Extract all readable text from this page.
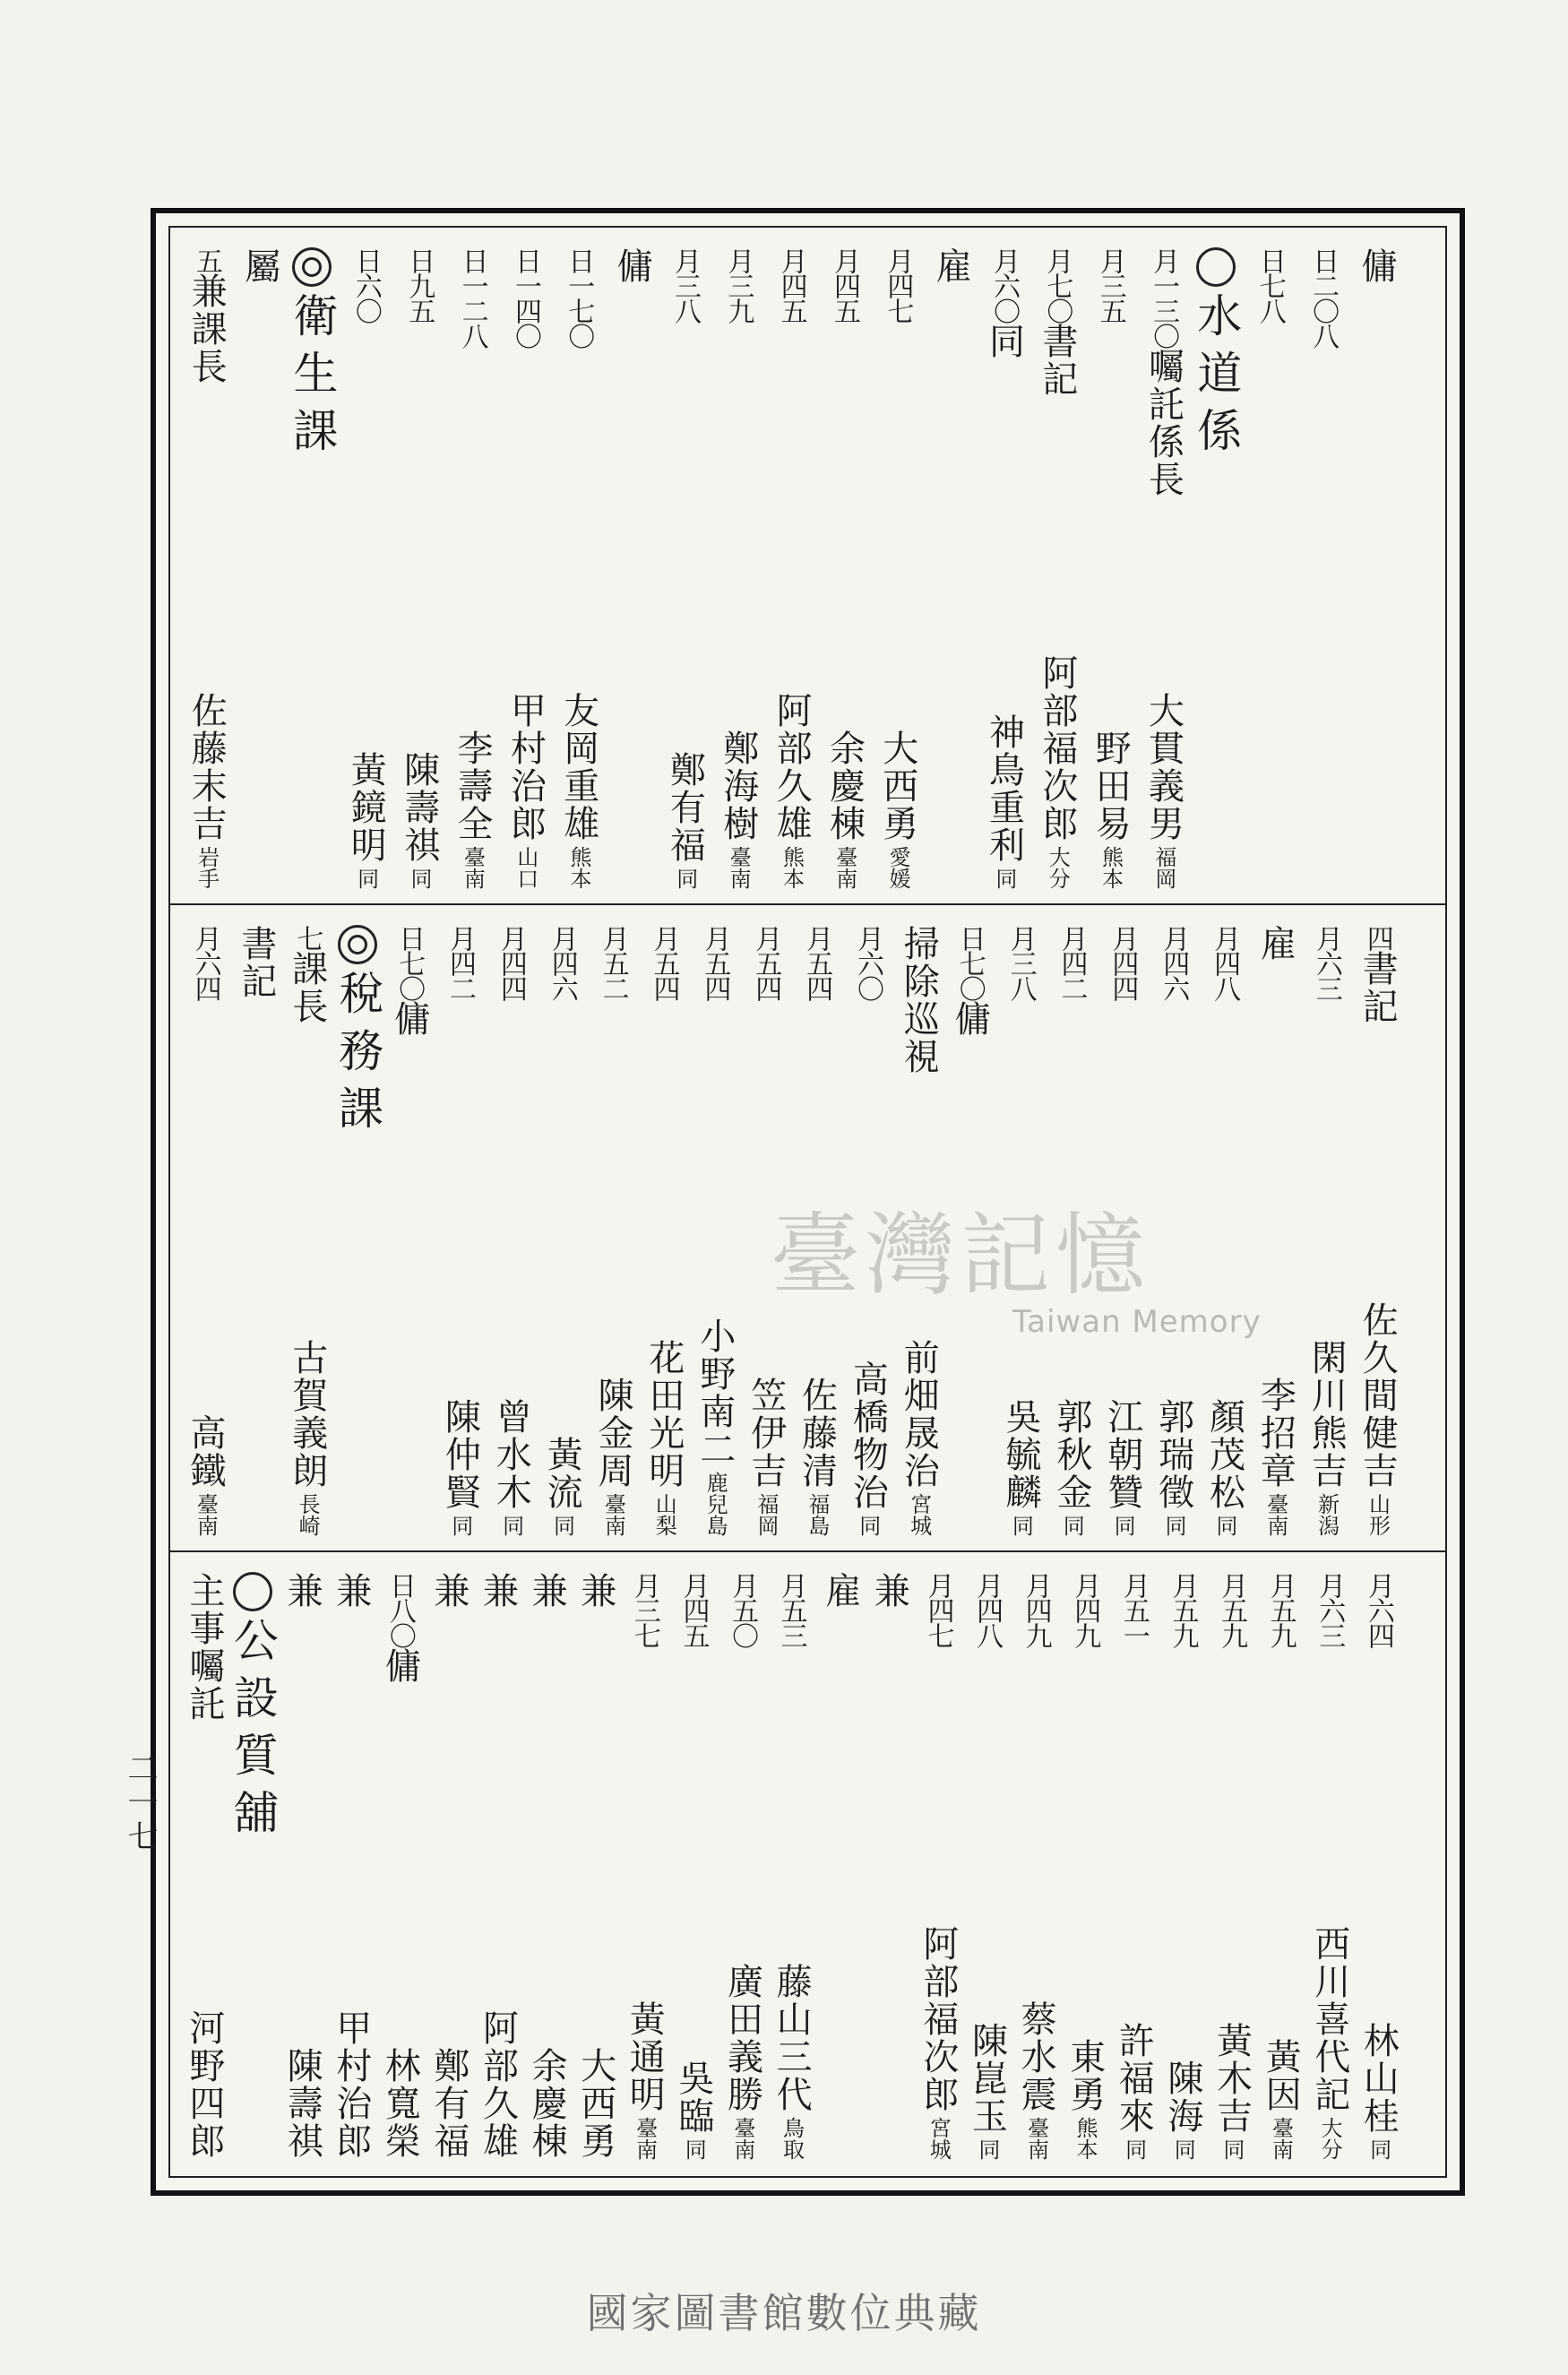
傭
日二〇八
日七八
水道係
月一三〇
囑託係長
大貫義男
福岡
月三五
野田易
熊本
月七〇
書記
阿部福次郎
大分
月六〇
同
神鳥重利
同
雇
月四七
大西勇
愛媛
月四五
余慶棟
臺南
月四五
阿部久雄
熊本
月三九
鄭海樹
臺南
月三八
鄭有福
同
傭
日一七〇
友岡重雄
熊本
日一四〇
甲村治郎
山口
日一二八
李壽全
臺南
日九五
陳壽祺
同
日六〇
黃鏡明
同
衛生課
屬
五
兼課長
佐藤末吉
岩手
四
書記
佐久間健吉
山形
月六三
閑川熊吉
新潟
雇
李招章
臺南
月四八
顏茂松
同
月四六
郭瑞徵
同
月四四
江朝贊
同
月四二
郭秋金
同
月三八
吳毓麟
同
日七〇
傭
掃除巡視
前畑晟治
宮城
月六〇
高橋物治
同
月五四
佐藤清
福島
月五四
笠伊吉
福岡
月五四
小野南二
鹿兒島
月五四
花田光明
山梨
月五二
陳金周
臺南
月四六
黃流
同
月四四
曾水木
同
月四二
陳仲賢
同
日七〇
傭
稅務課
七
課長
古賀義朗
長崎
書記
月六四
高鐵
臺南
月六四
林山桂
同
月六三
西川喜代記
大分
月五九
黃因
臺南
月五九
黃木吉
同
月五九
陳海
同
月五一
許福來
同
月四九
東勇
熊本
月四九
蔡水震
臺南
月四八
陳崑玉
同
月四七
阿部福次郎
宮城
兼
雇
月五三
藤山三代
鳥取
月五〇
廣田義勝
臺南
月四五
吳臨
同
月三七
黃通明
臺南
兼
大西勇
兼
余慶棟
兼
阿部久雄
兼
鄭有福
日八〇
傭
林寬榮
兼
甲村治郎
兼
陳壽祺
公設質舖
主事囑託
河野四郎
二一七
臺灣記憶
Taiwan Memory
國家圖書館數位典藏
